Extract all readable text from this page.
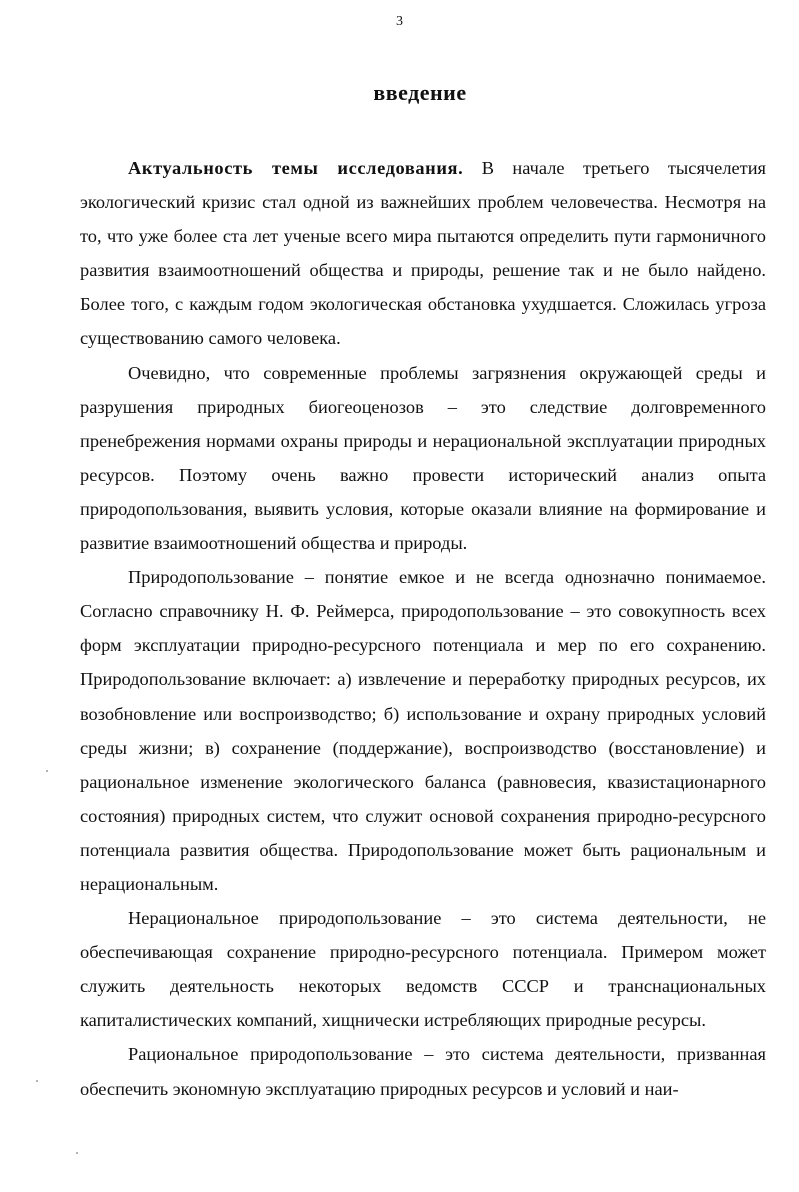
3
введение

Актуальность темы исследования. В начале третьего тысячелетия экологический кризис стал одной из важнейших проблем человечества. Несмотря на то, что уже более ста лет ученые всего мира пытаются определить пути гармоничного развития взаимоотношений общества и природы, решение так и не было найдено. Более того, с каждым годом экологическая обстановка ухудшается. Сложилась угроза существованию самого человека.

Очевидно, что современные проблемы загрязнения окружающей среды и разрушения природных биогеоценозов – это следствие долговременного пренебрежения нормами охраны природы и нерациональной эксплуатации природных ресурсов. Поэтому очень важно провести исторический анализ опыта природопользования, выявить условия, которые оказали влияние на формирование и развитие взаимоотношений общества и природы.

Природопользование – понятие емкое и не всегда однозначно понимаемое. Согласно справочнику Н. Ф. Реймерса, природопользование – это совокупность всех форм эксплуатации природно-ресурсного потенциала и мер по его сохранению. Природопользование включает: а) извлечение и переработку природных ресурсов, их возобновление или воспроизводство; б) использование и охрану природных условий среды жизни; в) сохранение (поддержание), воспроизводство (восстановление) и рациональное изменение экологического баланса (равновесия, квазистационарного состояния) природных систем, что служит основой сохранения природно-ресурсного потенциала развития общества. Природопользование может быть рациональным и нерациональным.

Нерациональное природопользование – это система деятельности, не обеспечивающая сохранение природно-ресурсного потенциала. Примером может служить деятельность некоторых ведомств СССР и транснациональных капиталистических компаний, хищнически истребляющих природные ресурсы.

Рациональное природопользование – это система деятельности, призванная обеспечить экономную эксплуатацию природных ресурсов и условий и наи-
